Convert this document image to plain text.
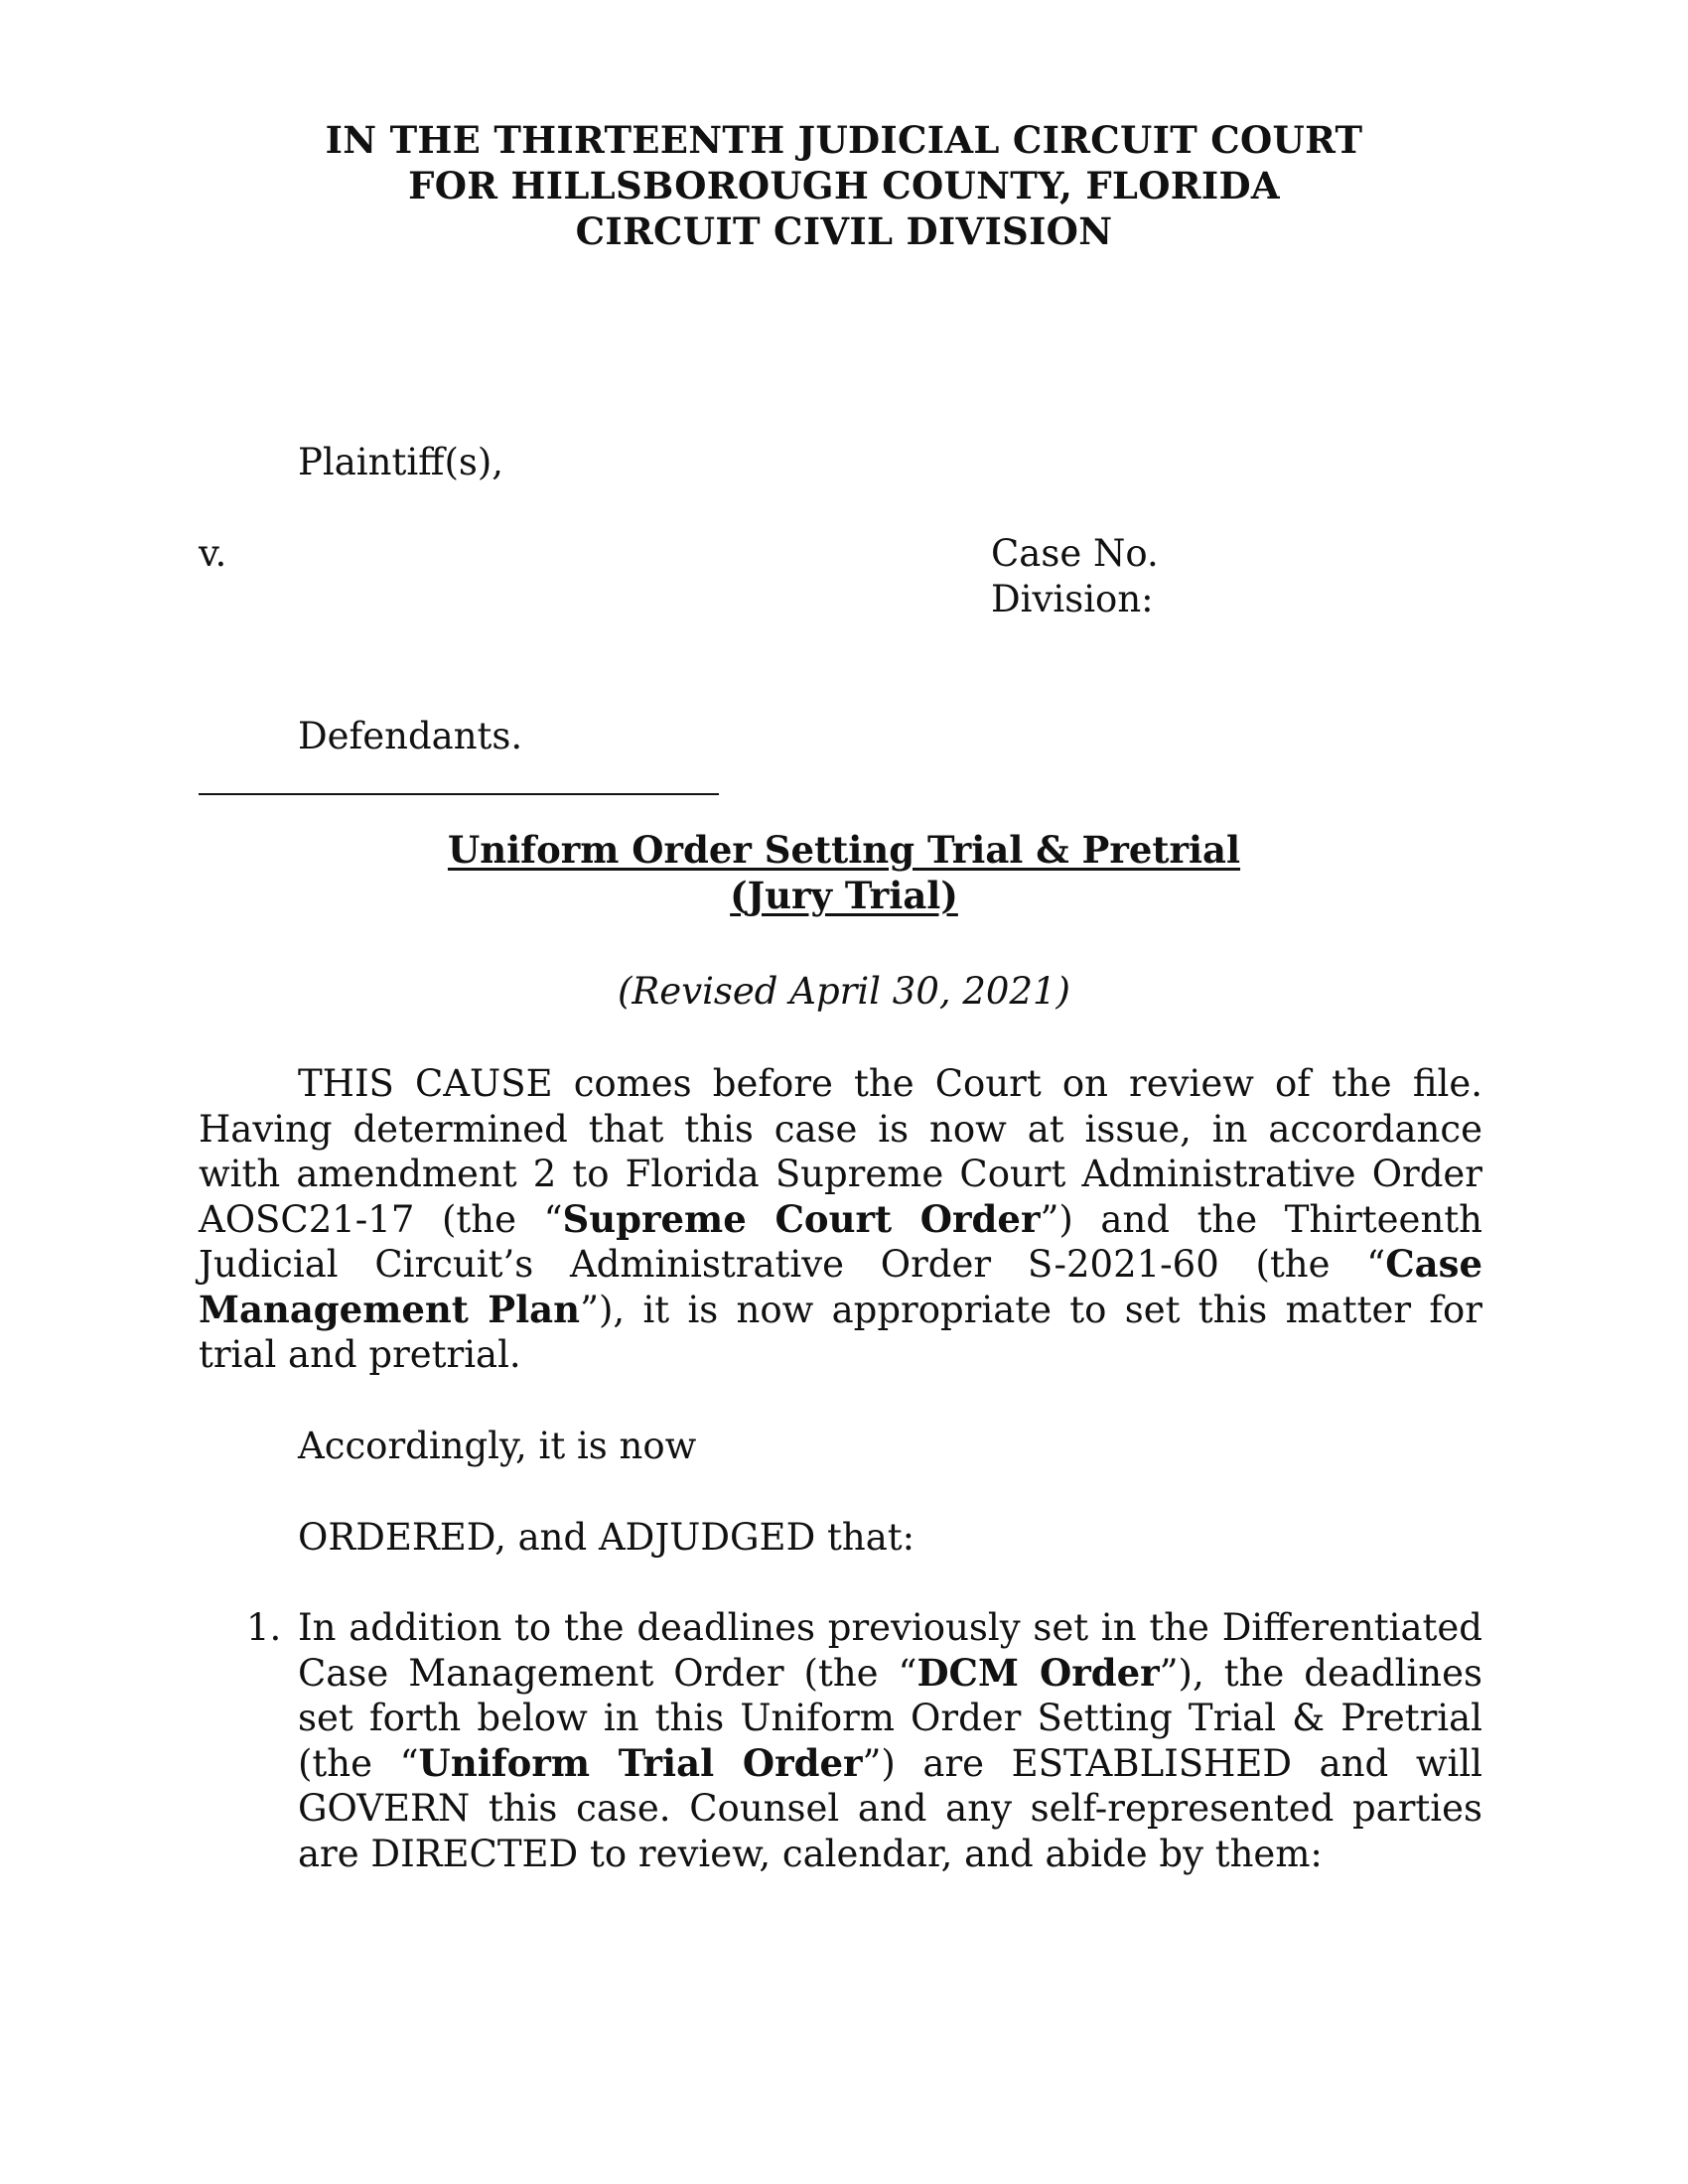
IN THE THIRTEENTH JUDICIAL CIRCUIT COURT
FOR HILLSBOROUGH COUNTY, FLORIDA
CIRCUIT CIVIL DIVISION
Plaintiff(s),
v.	Case No.
Division:
Defendants.
Uniform Order Setting Trial & Pretrial
(Jury Trial)
(Revised April 30, 2021)
THIS CAUSE comes before the Court on review of the file. Having determined that this case is now at issue, in accordance with amendment 2 to Florida Supreme Court Administrative Order AOSC21-17 (the “Supreme Court Order”) and the Thirteenth Judicial Circuit’s Administrative Order S-2021-60 (the “Case Management Plan”), it is now appropriate to set this matter for trial and pretrial.
Accordingly, it is now
ORDERED, and ADJUDGED that:
1. In addition to the deadlines previously set in the Differentiated Case Management Order (the “DCM Order”), the deadlines set forth below in this Uniform Order Setting Trial & Pretrial (the “Uniform Trial Order”) are ESTABLISHED and will GOVERN this case. Counsel and any self-represented parties are DIRECTED to review, calendar, and abide by them:
